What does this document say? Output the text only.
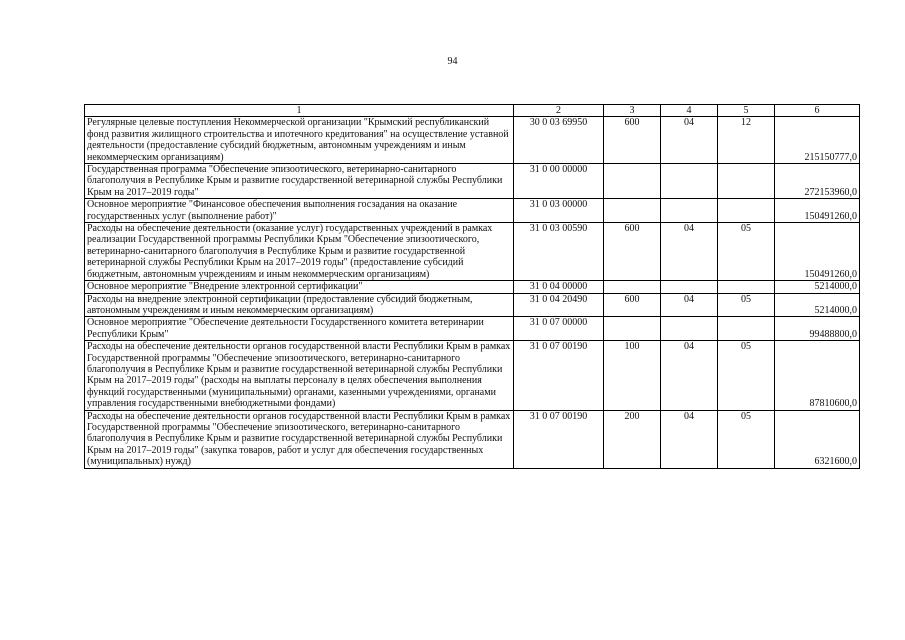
94
1	2	3	4	5	6
Регулярные целевые поступления Некоммерческой организации "Крымский республиканский фонд развития жилищного строительства и ипотечного кредитования" на осуществление уставной деятельности (предоставление субсидий бюджетным, автономным учреждениям и иным некоммерческим организациям)	30 0 03 69950	600	04	12	215150777,0
Государственная программа "Обеспечение эпизоотического, ветеринарно-санитарного благополучия в Республике Крым и развитие государственной ветеринарной службы Республики Крым на 2017–2019 годы"	31 0 00 00000				272153960,0
Основное мероприятие "Финансовое обеспечения выполнения госзадания на оказание государственных услуг (выполнение работ)"	31 0 03 00000				150491260,0
Расходы на обеспечение деятельности (оказание услуг) государственных учреждений в рамках реализации Государственной программы Республики Крым "Обеспечение эпизоотического, ветеринарно-санитарного благополучия в Республике Крым и развитие государственной ветеринарной службы Республики Крым на 2017–2019 годы" (предоставление субсидий бюджетным, автономным учреждениям и иным некоммерческим организациям)	31 0 03 00590	600	04	05	150491260,0
Основное мероприятие "Внедрение электронной сертификации"	31 0 04 00000				5214000,0
Расходы на внедрение электронной сертификации (предоставление субсидий бюджетным, автономным учреждениям и иным некоммерческим организациям)	31 0 04 20490	600	04	05	5214000,0
Основное мероприятие "Обеспечение деятельности Государственного комитета ветеринарии Республики Крым"	31 0 07 00000				99488800,0
Расходы на обеспечение деятельности органов государственной власти Республики Крым в рамках Государственной программы "Обеспечение эпизоотического, ветеринарно-санитарного благополучия в Республике Крым и развитие государственной ветеринарной службы Республики Крым на 2017–2019 годы" (расходы на выплаты персоналу в целях обеспечения выполнения функций государственными (муниципальными) органами, казенными учреждениями, органами управления государственными внебюджетными фондами)	31 0 07 00190	100	04	05	87810600,0
Расходы на обеспечение деятельности органов государственной власти Республики Крым в рамках Государственной программы "Обеспечение эпизоотического, ветеринарно-санитарного благополучия в Республике Крым и развитие государственной ветеринарной службы Республики Крым на 2017–2019 годы" (закупка товаров, работ и услуг для обеспечения государственных (муниципальных) нужд)	31 0 07 00190	200	04	05	6321600,0
